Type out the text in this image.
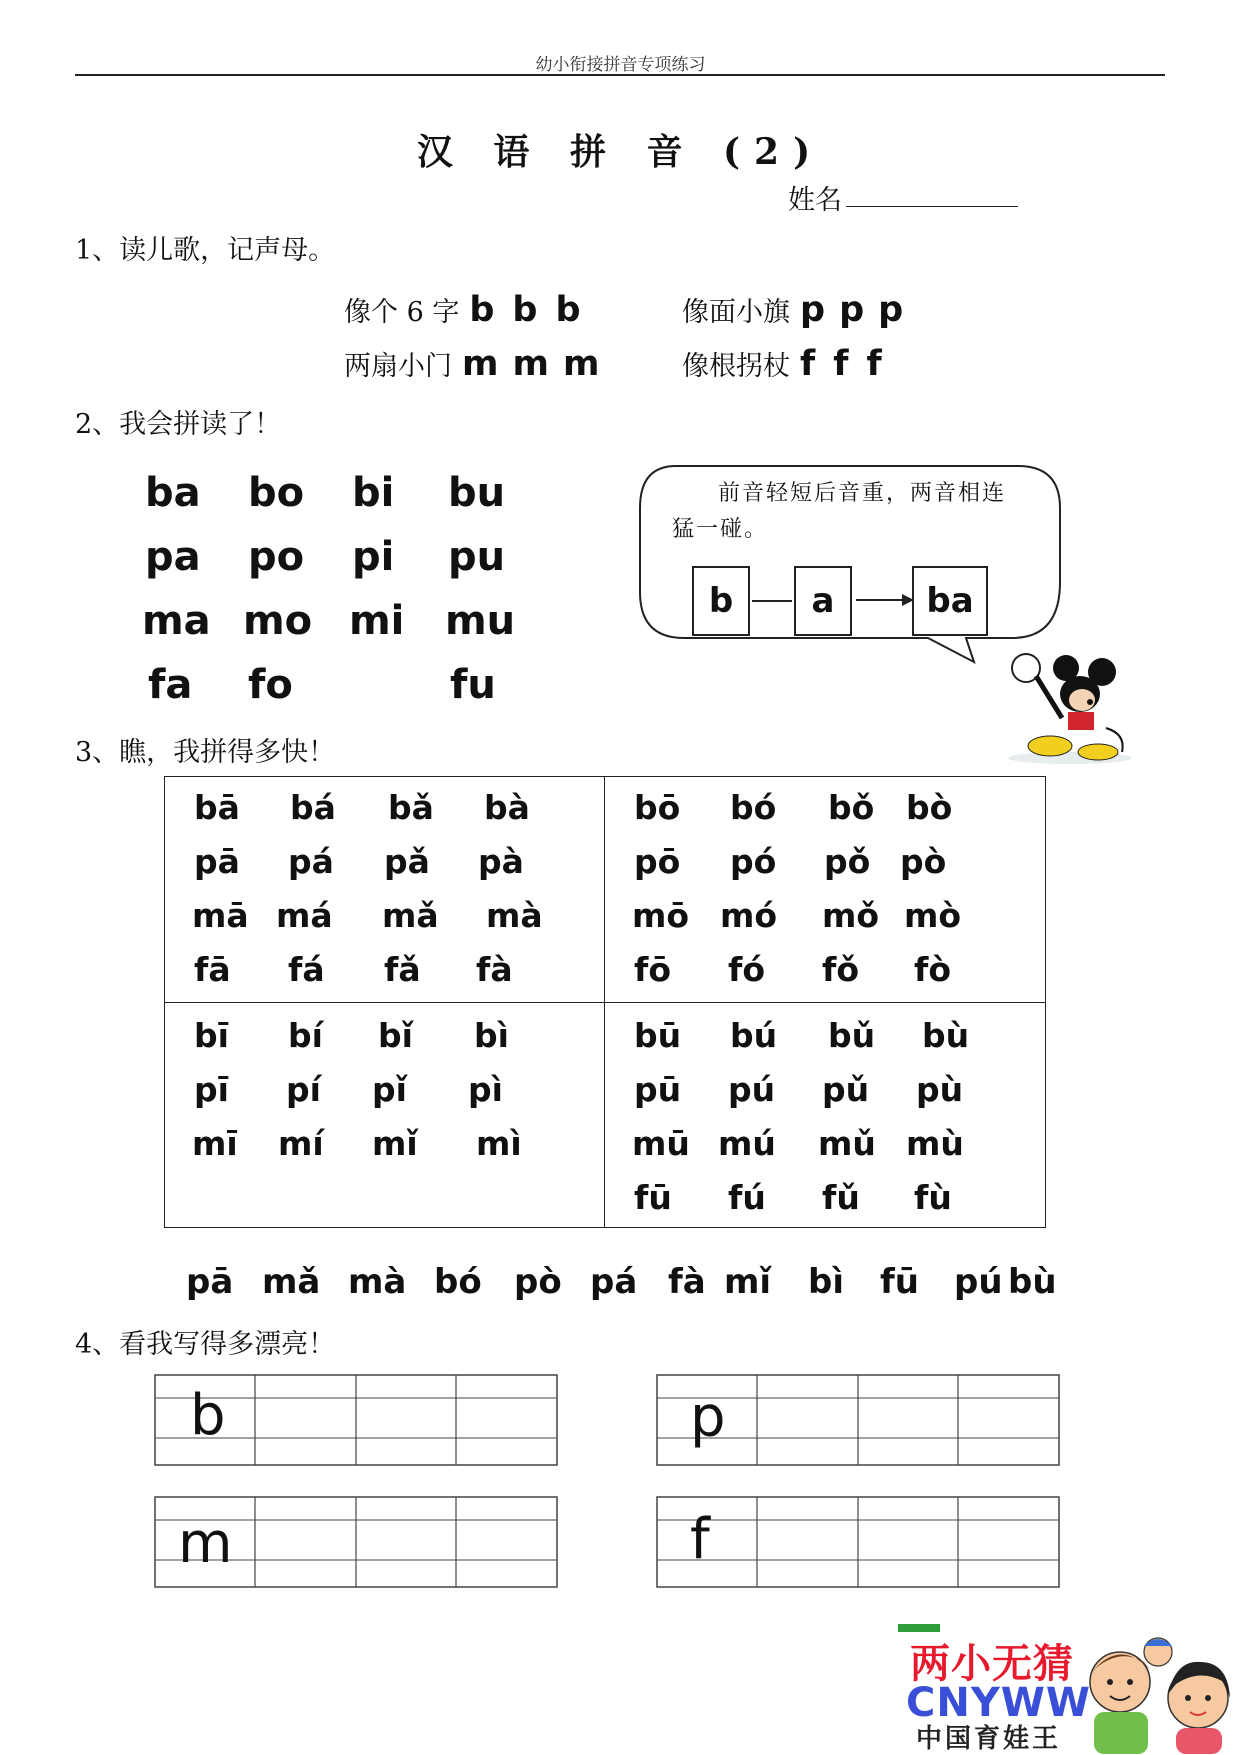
幼小衔接拼音专项练习
汉 语 拼 音 (2)
姓名
1、读儿歌，记声母。
像个 6 字 b b b	像面小旗 p p p
两扇小门 m m m	像根拐杖 f f f
2、我会拼读了！
ba bo bi bu
pa po pi pu
ma mo mi mu
fa fo	fu
前音轻短后音重，两音相连
猛一碰。
b	a	ba
3、瞧，我拼得多快！
bā bá bǎ bà
pā pá pǎ pà
mā má mǎ mà
fā fá fǎ fà
bō bó bǒ bò
pō pó pǒ pò
mō mó mǒ mò
fō fó fǒ fò
bī bí bǐ bì
pī pí pǐ pì
mī mí mǐ mì
bū bú bǔ bù
pū pú pǔ pù
mū mú mǔ mù
fū fú fǔ fù
pā mǎ mà bó pò pá fà mǐ bì fū pú bù
4、看我写得多漂亮！
b	p
m	f
两小无猜
CNYWW
中国育娃王
